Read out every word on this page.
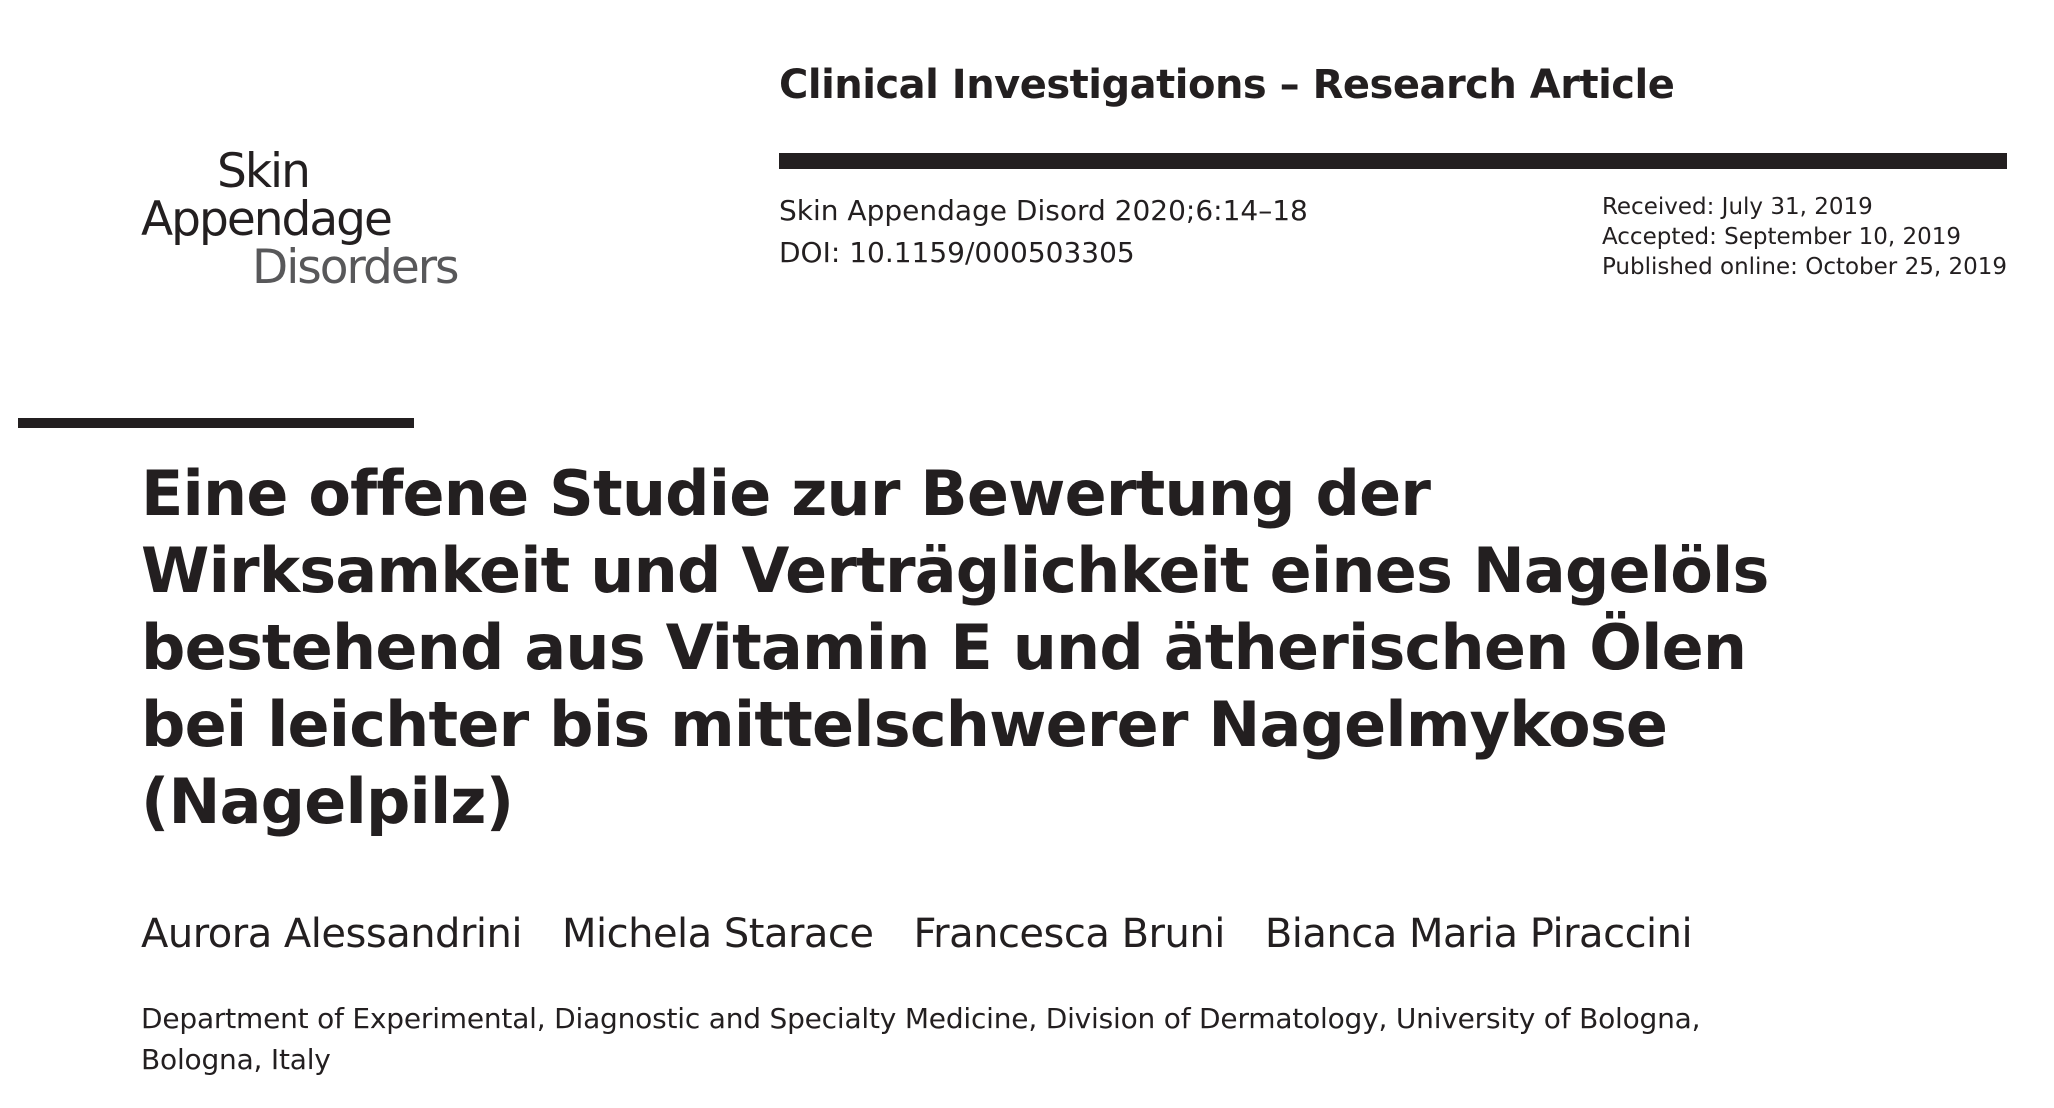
Skin
Appendage
Disorders
Clinical Investigations – Research Article
Skin Appendage Disord 2020;6:14–18
DOI: 10.1159/000503305
Received: July 31, 2019
Accepted: September 10, 2019
Published online: October 25, 2019
Eine offene Studie zur Bewertung der
Wirksamkeit und Verträglichkeit eines Nagelöls
bestehend aus Vitamin E und ätherischen Ölen
bei leichter bis mittelschwerer Nagelmykose
(Nagelpilz)
Aurora Alessandrini Michela Starace Francesca Bruni Bianca Maria Piraccini
Department of Experimental, Diagnostic and Specialty Medicine, Division of Dermatology, University of Bologna,
Bologna, Italy
